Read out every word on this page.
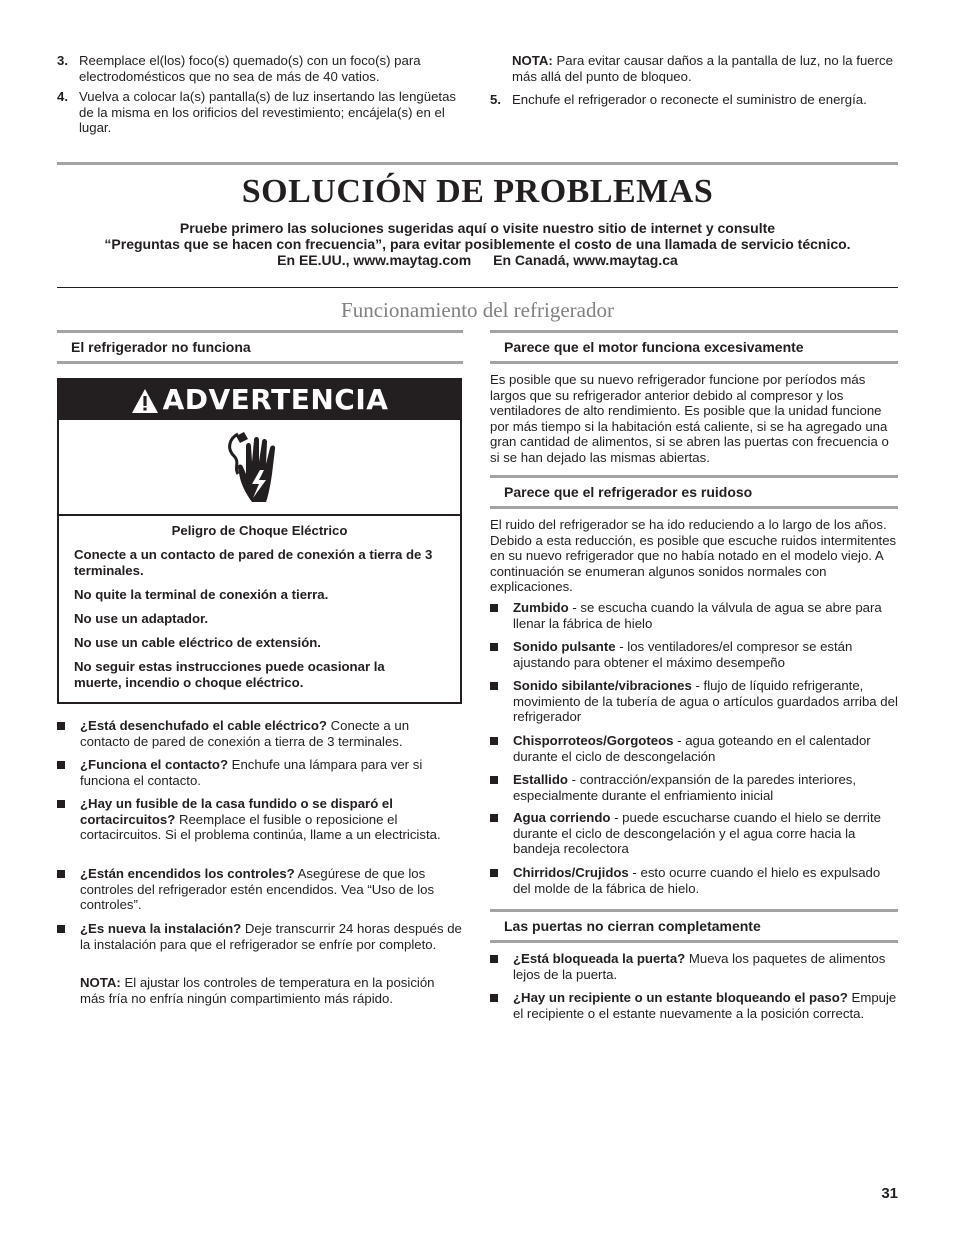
3. Reemplace el(los) foco(s) quemado(s) con un foco(s) para electrodomésticos que no sea de más de 40 vatios.
4. Vuelva a colocar la(s) pantalla(s) de luz insertando las lengüetas de la misma en los orificios del revestimiento; encájela(s) en el lugar.
NOTA: Para evitar causar daños a la pantalla de luz, no la fuerce más allá del punto de bloqueo.
5. Enchufe el refrigerador o reconecte el suministro de energía.
SOLUCIÓN DE PROBLEMAS
Pruebe primero las soluciones sugeridas aquí o visite nuestro sitio de internet y consulte
“Preguntas que se hacen con frecuencia”, para evitar posiblemente el costo de una llamada de servicio técnico.
En EE.UU., www.maytag.com En Canadá, www.maytag.ca
Funcionamiento del refrigerador
El refrigerador no funciona
ADVERTENCIA
Peligro de Choque Eléctrico

Conecte a un contacto de pared de conexión a tierra de 3 terminales.

No quite la terminal de conexión a tierra.

No use un adaptador.

No use un cable eléctrico de extensión.

No seguir estas instrucciones puede ocasionar la muerte, incendio o choque eléctrico.

¿Está desenchufado el cable eléctrico? Conecte a un contacto de pared de conexión a tierra de 3 terminales.
¿Funciona el contacto? Enchufe una lámpara para ver si funciona el contacto.
¿Hay un fusible de la casa fundido o se disparó el cortacircuitos? Reemplace el fusible o reposicione el cortacircuitos. Si el problema continúa, llame a un electricista.
¿Están encendidos los controles? Asegúrese de que los controles del refrigerador estén encendidos. Vea “Uso de los controles”.
¿Es nueva la instalación? Deje transcurrir 24 horas después de la instalación para que el refrigerador se enfríe por completo.
NOTA: El ajustar los controles de temperatura en la posición más fría no enfría ningún compartimiento más rápido.
Parece que el motor funciona excesivamente
Es posible que su nuevo refrigerador funcione por períodos más largos que su refrigerador anterior debido al compresor y los ventiladores de alto rendimiento. Es posible que la unidad funcione por más tiempo si la habitación está caliente, si se ha agregado una gran cantidad de alimentos, si se abren las puertas con frecuencia o si se han dejado las mismas abiertas.
Parece que el refrigerador es ruidoso
El ruido del refrigerador se ha ido reduciendo a lo largo de los años. Debido a esta reducción, es posible que escuche ruidos intermitentes en su nuevo refrigerador que no había notado en el modelo viejo. A continuación se enumeran algunos sonidos normales con explicaciones.
Zumbido - se escucha cuando la válvula de agua se abre para llenar la fábrica de hielo
Sonido pulsante - los ventiladores/el compresor se están ajustando para obtener el máximo desempeño
Sonido sibilante/vibraciones - flujo de líquido refrigerante, movimiento de la tubería de agua o artículos guardados arriba del refrigerador
Chisporroteos/Gorgoteos - agua goteando en el calentador durante el ciclo de descongelación
Estallido - contracción/expansión de la paredes interiores, especialmente durante el enfriamiento inicial
Agua corriendo - puede escucharse cuando el hielo se derrite durante el ciclo de descongelación y el agua corre hacia la bandeja recolectora
Chirridos/Crujidos - esto ocurre cuando el hielo es expulsado del molde de la fábrica de hielo.
Las puertas no cierran completamente
¿Está bloqueada la puerta? Mueva los paquetes de alimentos lejos de la puerta.
¿Hay un recipiente o un estante bloqueando el paso? Empuje el recipiente o el estante nuevamente a la posición correcta.
31
